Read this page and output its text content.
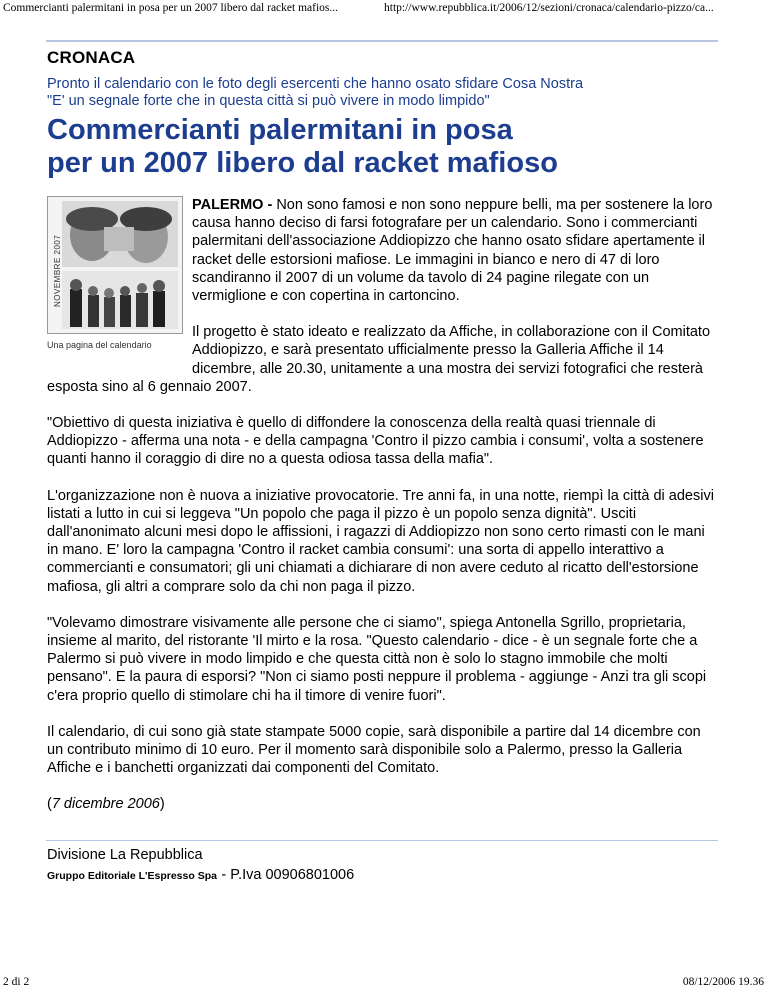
Commercianti palermitani in posa per un 2007 libero dal racket mafios...	http://www.repubblica.it/2006/12/sezioni/cronaca/calendario-pizzo/ca...
CRONACA
Pronto il calendario con le foto degli esercenti che hanno osato sfidare Cosa Nostra
"E' un segnale forte che in questa città si può vivere in modo limpido"
Commercianti palermitani in posa
per un 2007 libero dal racket mafioso
NOVEMBRE 2007
Una pagina del calendario

PALERMO - Non sono famosi e non sono neppure belli, ma per sostenere la loro causa hanno deciso di farsi fotografare per un calendario. Sono i commercianti palermitani dell'associazione Addiopizzo che hanno osato sfidare apertamente il racket delle estorsioni mafiose. Le immagini in bianco e nero di 47 di loro scandiranno il 2007 di un volume da tavolo di 24 pagine rilegate con un vermiglione e con copertina in cartoncino.

Il progetto è stato ideato e realizzato da Affiche, in collaborazione con il Comitato Addiopizzo, e sarà presentato ufficialmente presso la Galleria Affiche il 14 dicembre, alle 20.30, unitamente a una mostra dei servizi fotografici che resterà esposta sino al 6 gennaio 2007.

"Obiettivo di questa iniziativa è quello di diffondere la conoscenza della realtà quasi triennale di Addiopizzo - afferma una nota - e della campagna 'Contro il pizzo cambia i consumi', volta a sostenere quanti hanno il coraggio di dire no a questa odiosa tassa della mafia".

L'organizzazione non è nuova a iniziative provocatorie. Tre anni fa, in una notte, riempì la città di adesivi listati a lutto in cui si leggeva "Un popolo che paga il pizzo è un popolo senza dignità". Usciti dall'anonimato alcuni mesi dopo le affissioni, i ragazzi di Addiopizzo non sono certo rimasti con le mani in mano. E' loro la campagna 'Contro il racket cambia consumi': una sorta di appello interattivo a commercianti e consumatori; gli uni chiamati a dichiarare di non avere ceduto al ricatto dell'estorsione mafiosa, gli altri a comprare solo da chi non paga il pizzo.

"Volevamo dimostrare visivamente alle persone che ci siamo", spiega Antonella Sgrillo, proprietaria, insieme al marito, del ristorante 'Il mirto e la rosa. "Questo calendario - dice - è un segnale forte che a Palermo si può vivere in modo limpido e che questa città non è solo lo stagno immobile che molti pensano". E la paura di esporsi? "Non ci siamo posti neppure il problema - aggiunge - Anzi tra gli scopi c'era proprio quello di stimolare chi ha il timore di venire fuori".

Il calendario, di cui sono già state stampate 5000 copie, sarà disponibile a partire dal 14 dicembre con un contributo minimo di 10 euro. Per il momento sarà disponibile solo a Palermo, presso la Galleria Affiche e i banchetti organizzati dai componenti del Comitato.

(7 dicembre 2006)

Divisione La Repubblica
Gruppo Editoriale L'Espresso Spa - P.Iva 00906801006
2 di 2	08/12/2006 19.36
